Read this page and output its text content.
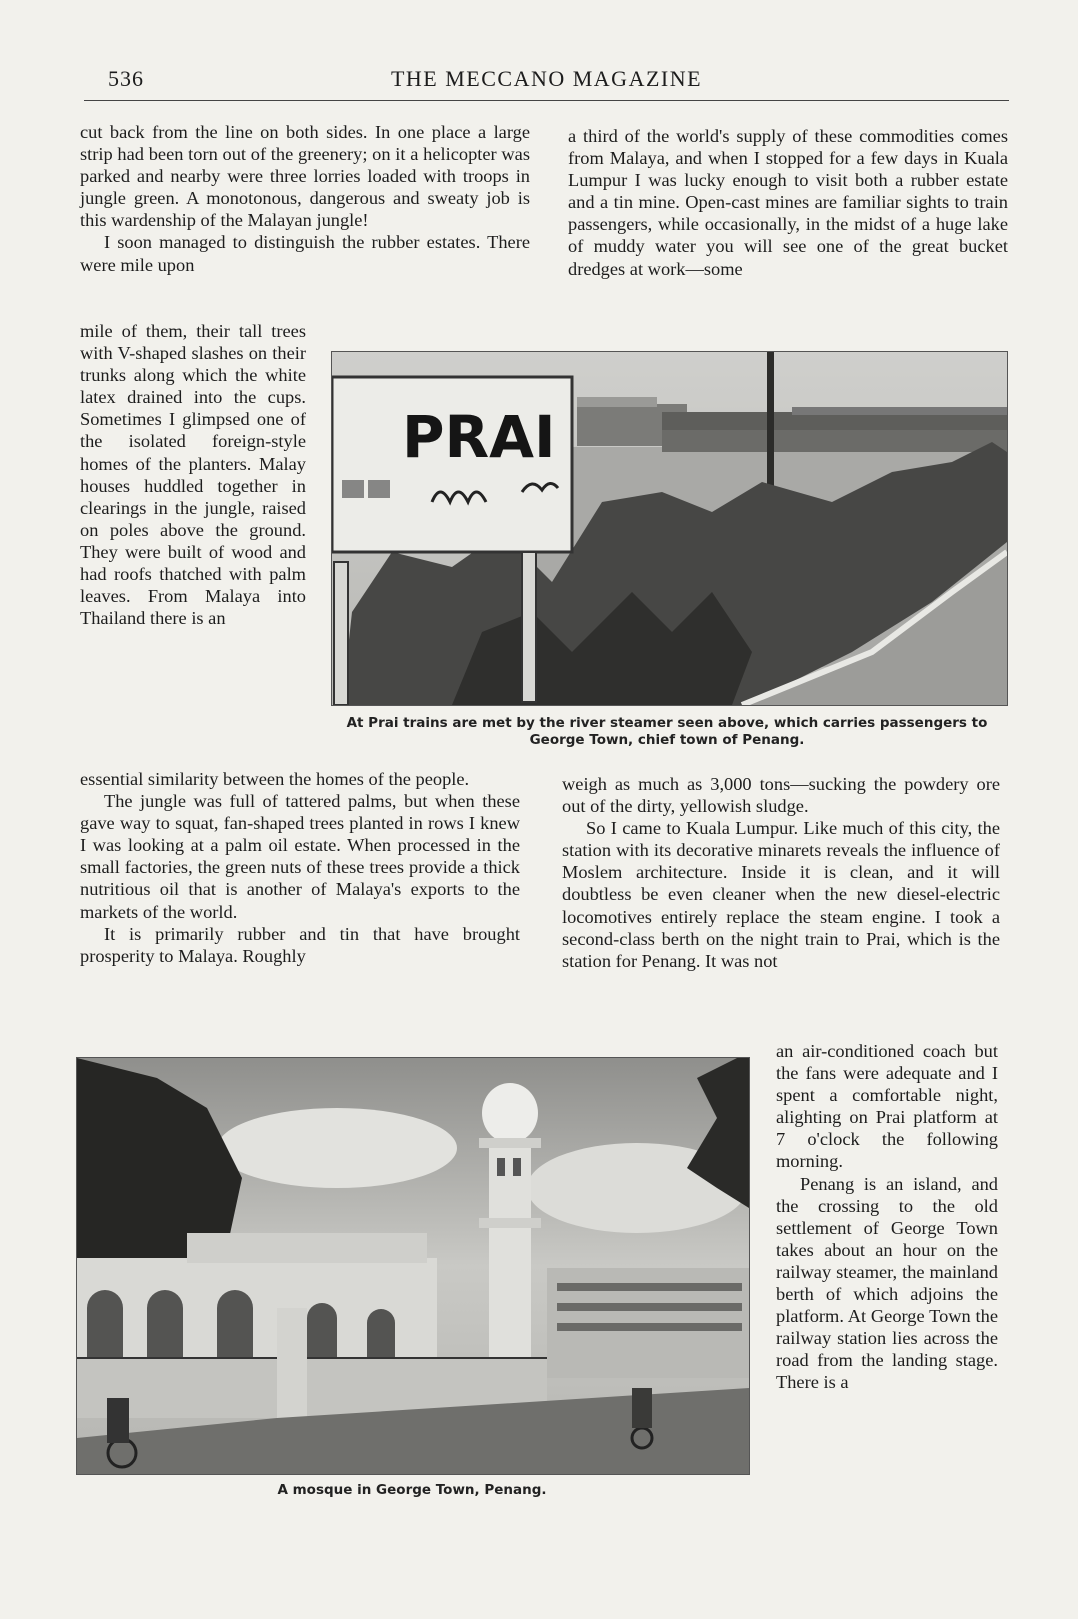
536	THE MECCANO MAGAZINE

cut back from the line on both sides. In one place a large strip had been torn out of the greenery; on it a helicopter was parked and nearby were three lorries loaded with troops in jungle green. A monotonous, dangerous and sweaty job is this wardenship of the Malayan jungle!

I soon managed to distinguish the rubber estates. There were mile upon

mile of them, their tall trees with V-shaped slashes on their trunks along which the white latex drained into the cups. Sometimes I glimpsed one of the isolated foreign-style homes of the planters. Malay houses huddled together in clearings in the jungle, raised on poles above the ground. They were built of wood and had roofs thatched with palm leaves. From Malaya into Thailand there is an

a third of the world's supply of these commodities comes from Malaya, and when I stopped for a few days in Kuala Lumpur I was lucky enough to visit both a rubber estate and a tin mine. Open-cast mines are familiar sights to train passengers, while occasionally, in the midst of a huge lake of muddy water you will see one of the great bucket dredges at work—some

PRAI
At Prai trains are met by the river steamer seen above, which carries passengers to George Town, chief town of Penang.

essential similarity between the homes of the people.

The jungle was full of tattered palms, but when these gave way to squat, fan-shaped trees planted in rows I knew I was looking at a palm oil estate. When processed in the small factories, the green nuts of these trees provide a thick nutritious oil that is another of Malaya's exports to the markets of the world.

It is primarily rubber and tin that have brought prosperity to Malaya. Roughly

weigh as much as 3,000 tons—sucking the powdery ore out of the dirty, yellowish sludge.

So I came to Kuala Lumpur. Like much of this city, the station with its decorative minarets reveals the influence of Moslem architecture. Inside it is clean, and it will doubtless be even cleaner when the new diesel-electric locomotives entirely replace the steam engine. I took a second-class berth on the night train to Prai, which is the station for Penang. It was not

an air-conditioned coach but the fans were adequate and I spent a comfortable night, alighting on Prai platform at 7 o'clock the following morning.

Penang is an island, and the crossing to the old settlement of George Town takes about an hour on the railway steamer, the mainland berth of which adjoins the platform. At George Town the railway station lies across the road from the landing stage. There is a

A mosque in George Town, Penang.
